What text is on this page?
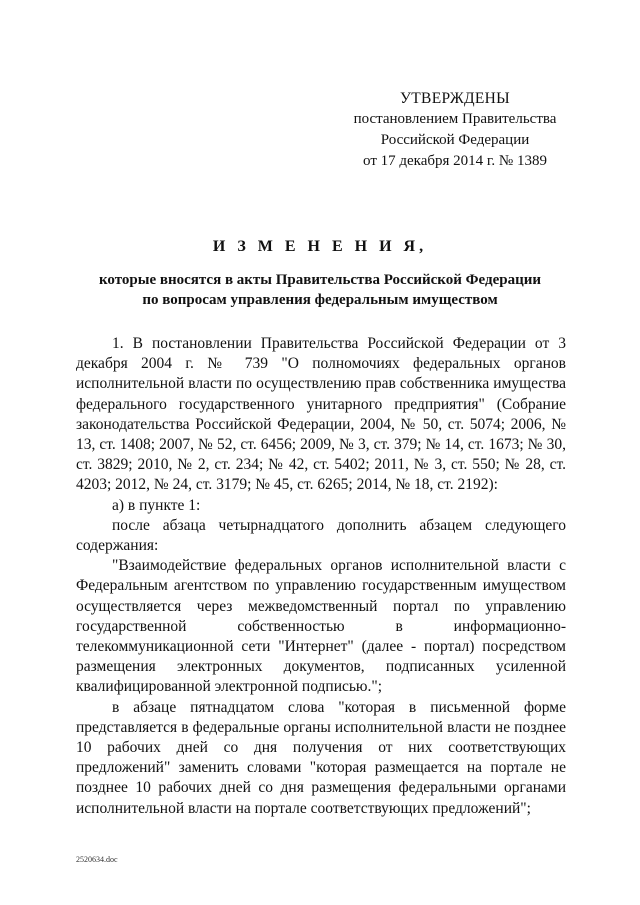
УТВЕРЖДЕНЫ
постановлением Правительства
Российской Федерации
от 17 декабря 2014 г. № 1389
И З М Е Н Е Н И Я,
которые вносятся в акты Правительства Российской Федерации
по вопросам управления федеральным имуществом

1. В постановлении Правительства Российской Федерации от 3 декабря 2004 г. № 739 "О полномочиях федеральных органов исполнительной власти по осуществлению прав собственника имущества федерального государственного унитарного предприятия" (Собрание законодательства Российской Федерации, 2004, № 50, ст. 5074; 2006, № 13, ст. 1408; 2007, № 52, ст. 6456; 2009, № 3, ст. 379; № 14, ст. 1673; № 30, ст. 3829; 2010, № 2, ст. 234; № 42, ст. 5402; 2011, № 3, ст. 550; № 28, ст. 4203; 2012, № 24, ст. 3179; № 45, ст. 6265; 2014, № 18, ст. 2192):

а) в пункте 1:

после абзаца четырнадцатого дополнить абзацем следующего содержания:

"Взаимодействие федеральных органов исполнительной власти с Федеральным агентством по управлению государственным имуществом осуществляется через межведомственный портал по управлению государственной собственностью в информационно-телекоммуникационной сети "Интернет" (далее - портал) посредством размещения электронных документов, подписанных усиленной квалифицированной электронной подписью.";

в абзаце пятнадцатом слова "которая в письменной форме представляется в федеральные органы исполнительной власти не позднее 10 рабочих дней со дня получения от них соответствующих предложений" заменить словами "которая размещается на портале не позднее 10 рабочих дней со дня размещения федеральными органами исполнительной власти на портале соответствующих предложений";

2520634.doc
